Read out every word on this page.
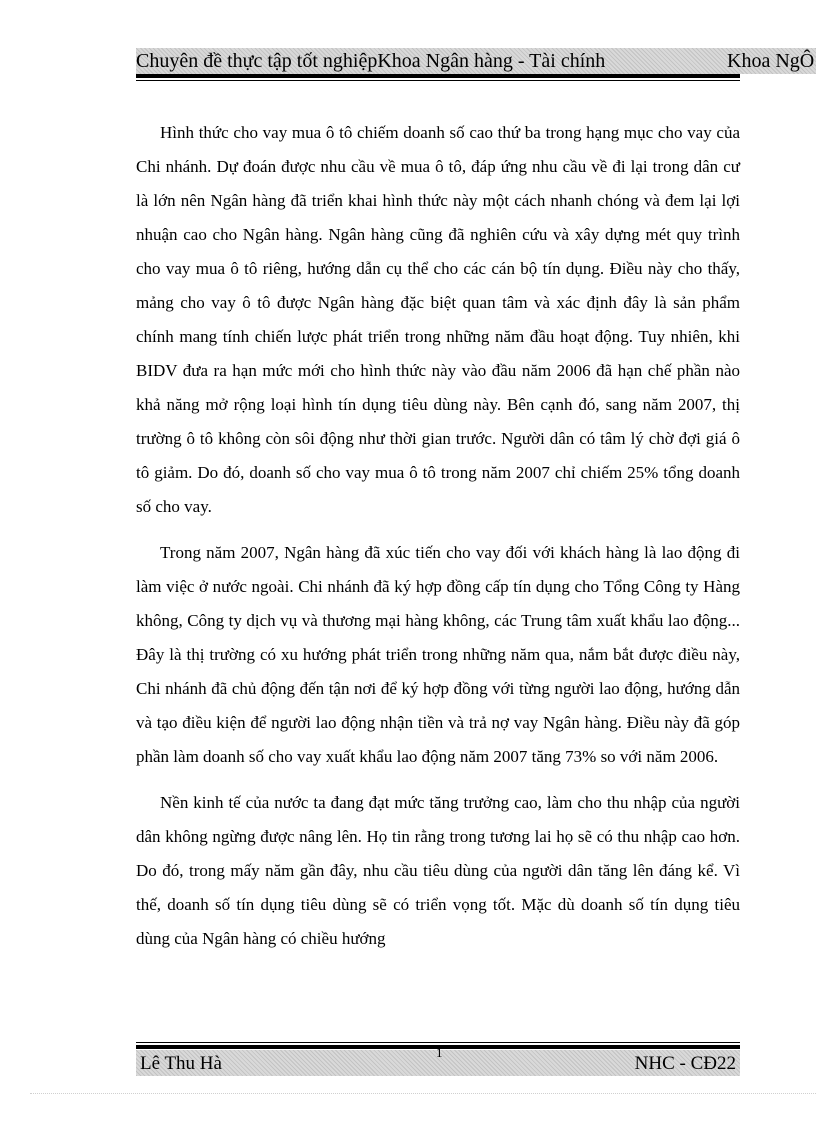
Chuyên đề thực tập tốt nghiệpKhoa Ngân hàng - Tài chính	Khoa NgÔ

Hình thức cho vay mua ô tô chiếm doanh số cao thứ ba trong hạng mục cho vay của Chi nhánh. Dự đoán được nhu cầu về mua ô tô, đáp ứng nhu cầu về đi lại trong dân cư là lớn nên Ngân hàng đã triển khai hình thức này một cách nhanh chóng và đem lại lợi nhuận cao cho Ngân hàng. Ngân hàng cũng đã nghiên cứu và xây dựng mét quy trình cho vay mua ô tô riêng, hướng dẫn cụ thể cho các cán bộ tín dụng. Điều này cho thấy, mảng cho vay ô tô được Ngân hàng đặc biệt quan tâm và xác định đây là sản phẩm chính mang tính chiến lược phát triển trong những năm đầu hoạt động. Tuy nhiên, khi BIDV đưa ra hạn mức mới cho hình thức này vào đầu năm 2006 đã hạn chế phần nào khả năng mở rộng loại hình tín dụng tiêu dùng này. Bên cạnh đó, sang năm 2007, thị trường ô tô không còn sôi động như thời gian trước. Người dân có tâm lý chờ đợi giá ô tô giảm. Do đó, doanh số cho vay mua ô tô trong năm 2007 chỉ chiếm 25% tổng doanh số cho vay.

Trong năm 2007, Ngân hàng đã xúc tiến cho vay đối với khách hàng là lao động đi làm việc ở nước ngoài. Chi nhánh đã ký hợp đồng cấp tín dụng cho Tổng Công ty Hàng không, Công ty dịch vụ và thương mại hàng không, các Trung tâm xuất khẩu lao động... Đây là thị trường có xu hướng phát triển trong những năm qua, nắm bắt được điều này, Chi nhánh đã chủ động đến tận nơi để ký hợp đồng với từng người lao động, hướng dẫn và tạo điều kiện để người lao động nhận tiền và trả nợ vay Ngân hàng. Điều này đã góp phần làm doanh số cho vay xuất khẩu lao động năm 2007 tăng 73% so với năm 2006.

Nền kinh tế của nước ta đang đạt mức tăng trưởng cao, làm cho thu nhập của người dân không ngừng được nâng lên. Họ tin rằng trong tương lai họ sẽ có thu nhập cao hơn. Do đó, trong mấy năm gần đây, nhu cầu tiêu dùng của người dân tăng lên đáng kể. Vì thế, doanh số tín dụng tiêu dùng sẽ có triển vọng tốt. Mặc dù doanh số tín dụng tiêu dùng của Ngân hàng có chiều hướng

Lê Thu Hà	NHC - CĐ22
1
